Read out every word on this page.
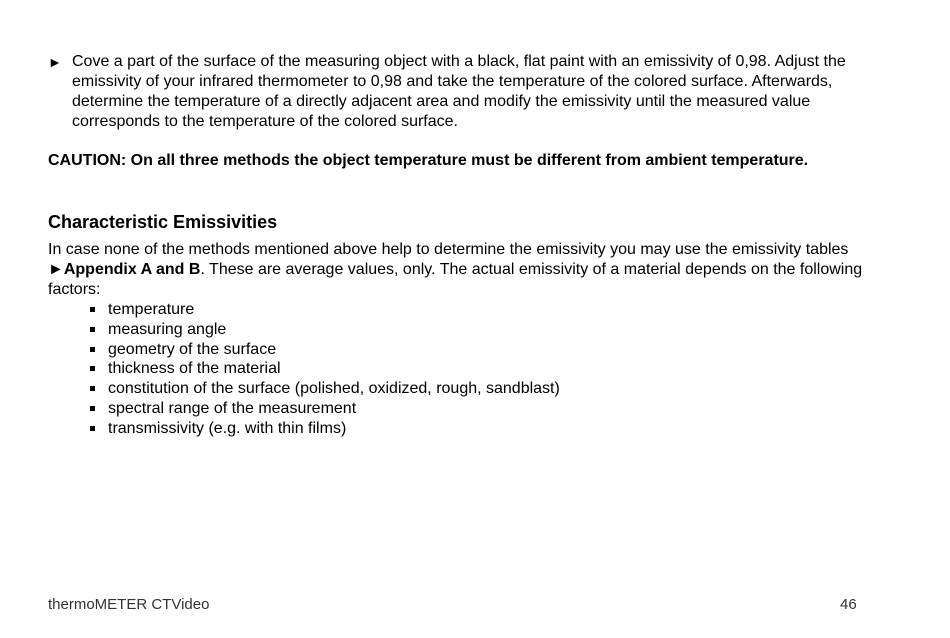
► Cove a part of the surface of the measuring object with a black, flat paint with an emissivity of 0,98. Adjust the emissivity of your infrared thermometer to 0,98 and take the temperature of the colored surface. Afterwards, determine the temperature of a directly adjacent area and modify the emissivity until the measured value corresponds to the temperature of the colored surface.
CAUTION: On all three methods the object temperature must be different from ambient temperature.
Characteristic Emissivities
In case none of the methods mentioned above help to determine the emissivity you may use the emissivity tables ►Appendix A and B. These are average values, only. The actual emissivity of a material depends on the following factors:
temperature
measuring angle
geometry of the surface
thickness of the material
constitution of the surface (polished, oxidized, rough, sandblast)
spectral range of the measurement
transmissivity (e.g. with thin films)
thermoMETER CTVideo	46
